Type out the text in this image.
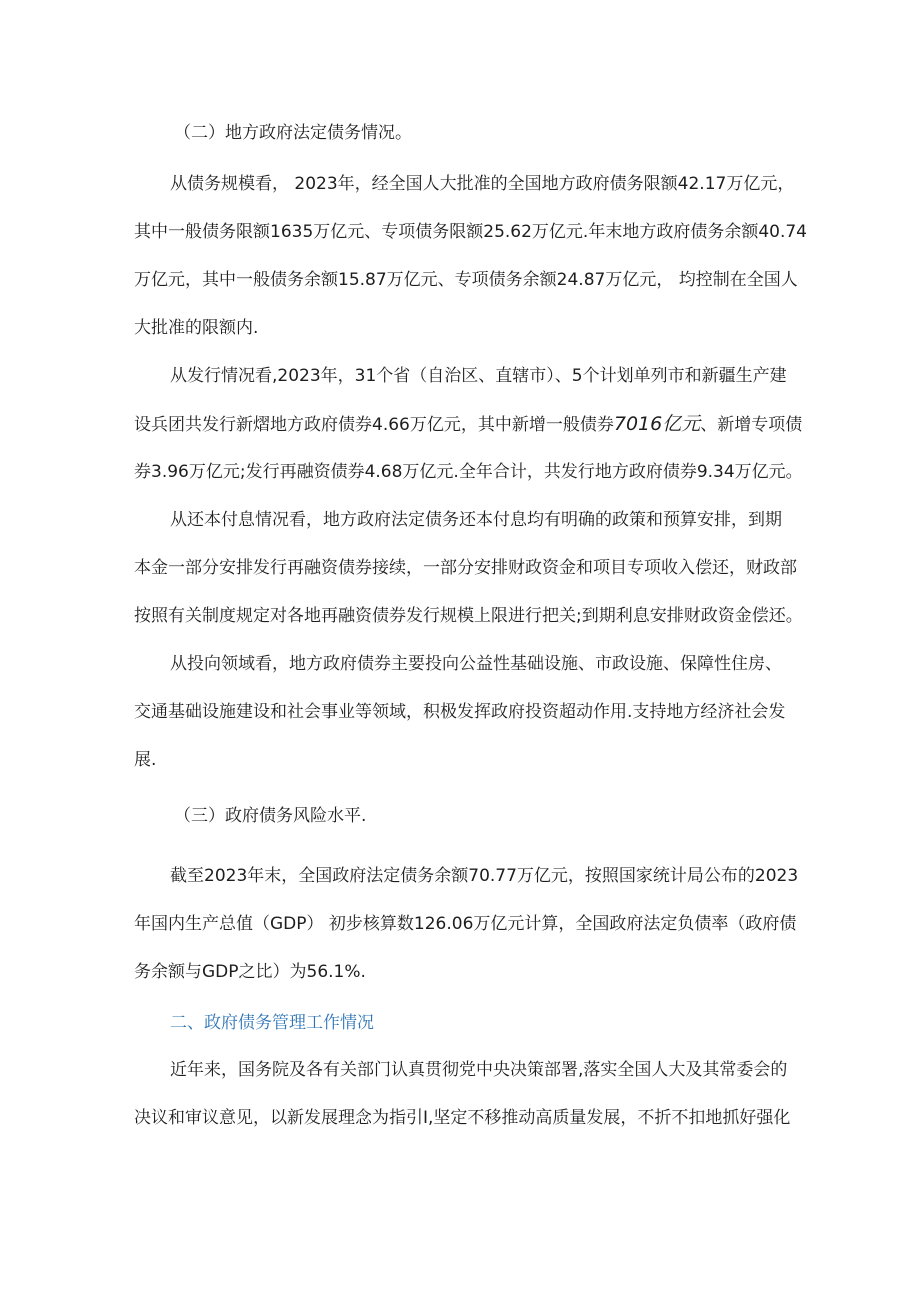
（二）地方政府法定债务情况。

从债务规模看， 2023年，经全国人大批准的全国地方政府债务限额42.17万亿元，
其中一般债务限额1635万亿元、专项债务限额25.62万亿元.年末地方政府债务余额40.74
万亿元，其中一般债务余额15.87万亿元、专项债务余额24.87万亿元， 均控制在全国人
大批准的限额内.

从发行情况看,2023年，31个省（自治区、直辖市）、5个计划单列市和新疆生产建
设兵团共发行新熠地方政府债券4.66万亿元，其中新增一般债券7016亿元、新增专项债
券3.96万亿元;发行再融资债券4.68万亿元.全年合计，共发行地方政府债券9.34万亿元。

从还本付息情况看，地方政府法定债务还本付息均有明确的政策和预算安排，到期
本金一部分安排发行再融资债券接续，一部分安排财政资金和项目专项收入偿还，财政部
按照有关制度规定对各地再融资债券发行规模上限进行把关;到期利息安排财政资金偿还。

从投向领域看，地方政府债券主要投向公益性基础设施、市政设施、保障性住房、
交通基础设施建设和社会事业等领域，积极发挥政府投资超动作用.支持地方经济社会发
展.

（三）政府债务风险水平.

截至2023年末，全国政府法定债务余额70.77万亿元，按照国家统计局公布的2023
年国内生产总值（GDP） 初步核算数126.06万亿元计算，全国政府法定负债率（政府债
务余额与GDP之比）为56.1%.

二、政府债务管理工作情况

近年来，国务院及各有关部门认真贯彻党中央决策部署,落实全国人大及其常委会的
决议和审议意见，以新发展理念为指引I,坚定不移推动高质量发展，不折不扣地抓好强化
